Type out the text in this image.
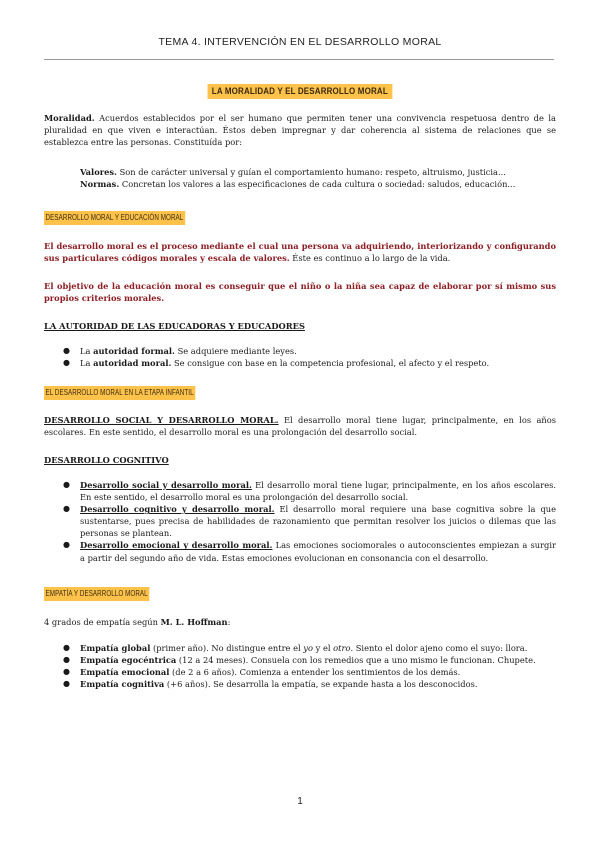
TEMA 4. INTERVENCIÓN EN EL DESARROLLO MORAL
LA MORALIDAD Y EL DESARROLLO MORAL

Moralidad. Acuerdos establecidos por el ser humano que permiten tener una convivencia respetuosa dentro de la pluralidad en que viven e interactúan. Éstos deben impregnar y dar coherencia al sistema de relaciones que se establezca entre las personas. Constituída por:

Valores. Son de carácter universal y guían el comportamiento humano: respeto, altruismo, justicia...

Normas. Concretan los valores a las especificaciones de cada cultura o sociedad: saludos, educación...

DESARROLLO MORAL Y EDUCACIÓN MORAL

El desarrollo moral es el proceso mediante el cual una persona va adquiriendo, interiorizando y configurando sus particulares códigos morales y escala de valores. Éste es continuo a lo largo de la vida.

El objetivo de la educación moral es conseguir que el niño o la niña sea capaz de elaborar por sí mismo sus propios criterios morales.

LA AUTORIDAD DE LAS EDUCADORAS Y EDUCADORES

● La autoridad formal. Se adquiere mediante leyes.
● La autoridad moral. Se consigue con base en la competencia profesional, el afecto y el respeto.
EL DESARROLLO MORAL EN LA ETAPA INFANTIL

DESARROLLO SOCIAL Y DESARROLLO MORAL. El desarrollo moral tiene lugar, principalmente, en los años escolares. En este sentido, el desarrollo moral es una prolongación del desarrollo social.

DESARROLLO COGNITIVO

● Desarrollo social y desarrollo moral. El desarrollo moral tiene lugar, principalmente, en los años escolares. En este sentido, el desarrollo moral es una prolongación del desarrollo social.
● Desarrollo cognitivo y desarrollo moral. El desarrollo moral requiere una base cognitiva sobre la que sustentarse, pues precisa de habilidades de razonamiento que permitan resolver los juicios o dilemas que las personas se plantean.
● Desarrollo emocional y desarrollo moral. Las emociones sociomorales o autoconscientes empiezan a surgir a partir del segundo año de vida. Estas emociones evolucionan en consonancia con el desarrollo.
EMPATÍA Y DESARROLLO MORAL

4 grados de empatía según M. L. Hoffman:

● Empatía global (primer año). No distingue entre el yo y el otro. Siento el dolor ajeno como el suyo: llora.
● Empatía egocéntrica (12 a 24 meses). Consuela con los remedios que a uno mismo le funcionan. Chupete.
● Empatía emocional (de 2 a 6 años). Comienza a entender los sentimientos de los demás.
● Empatía cognitiva (+6 años). Se desarrolla la empatía, se expande hasta a los desconocidos.
1
